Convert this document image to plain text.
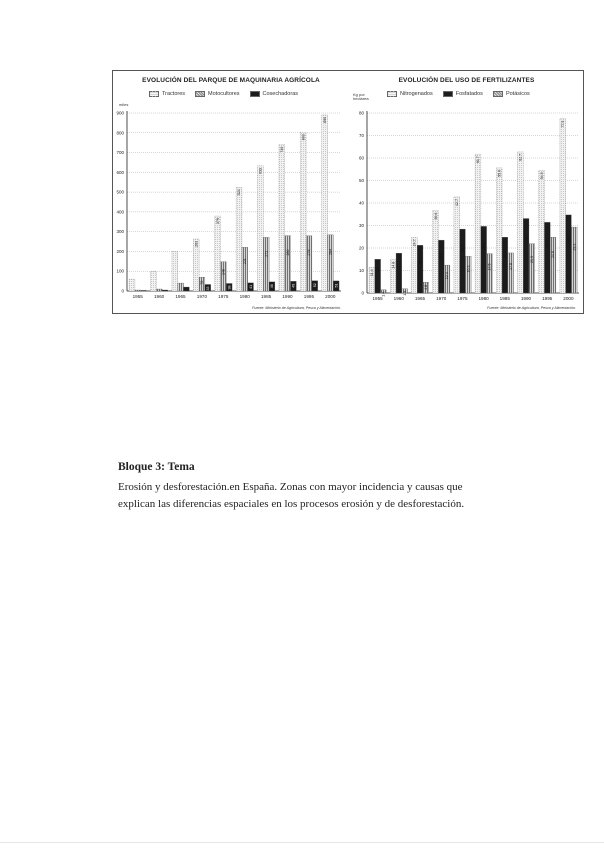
EVOLUCIÓN DEL PARQUE DE MAQUINARIA AGRÍCOLA
Tractores	Motocultores	Cosechadoras
miles
0
100
200
300
400
500
600
700
800
900
1955 1960 1965
263
70
33
1970
379
148
38
1975
524
221
41
1980
633
271
46
1985
740
280
49
1990
803
279
52
1995
890
284
51
2000
Fuente: Ministerio de Agricultura, Pesca y Alimentación.
EVOLUCIÓN DEL USO DE FERTILIZANTES
Nitrogenados	Fosfatados	Potásicos
Kg por hectárea
0
10
20
30
40
50
60
70
80
11.4 15
1.4
1955
14.8 17.7
1.9
1960
24.7
21.2
4.8
1965
36.6
23.5
12.4
1970
42.7
28.4
16.3
1975
61.7
29.6
17.5
1980
55.6
24.8
17.8
1985
62.7
33.1
21.9
1990
54.5
31.4
24.8
1995
77.5
34.7
29.3
2000
Fuente: Ministerio de Agricultura, Pesca y Alimentación.
Bloque 3: Tema
Erosión y desforestación.en España. Zonas con mayor incidencia y causas que
explican las diferencias espaciales en los procesos erosión y de desforestación.
